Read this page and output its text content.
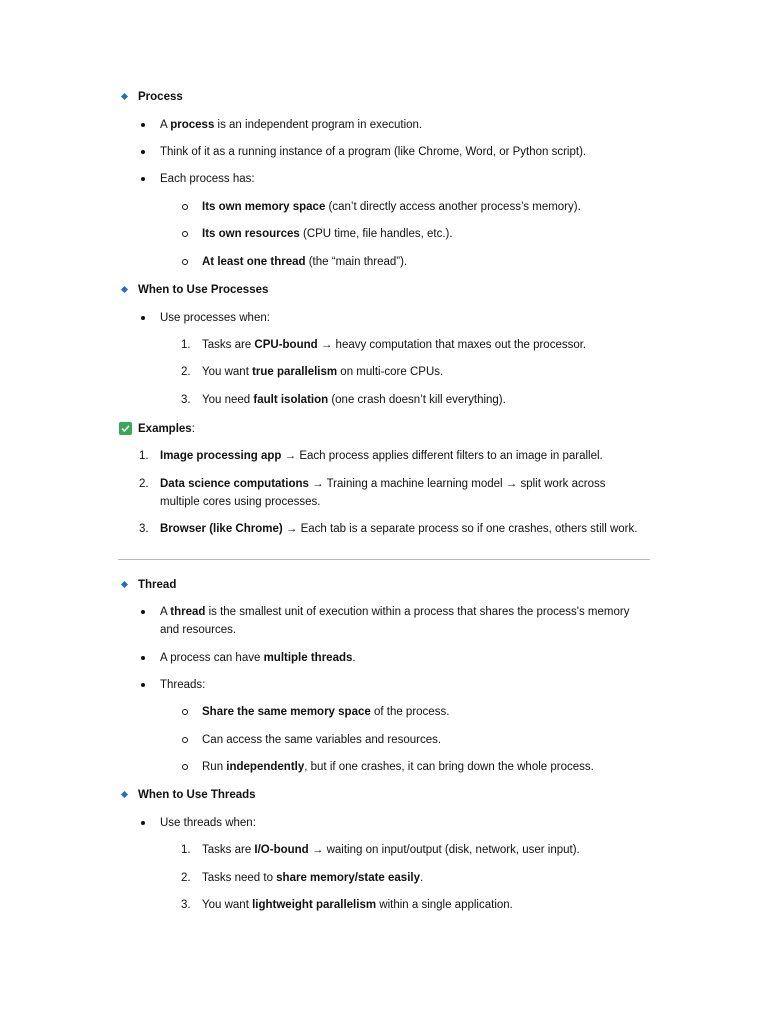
Process
A process is an independent program in execution.
Think of it as a running instance of a program (like Chrome, Word, or Python script).
Each process has:
Its own memory space (can’t directly access another process’s memory).
Its own resources (CPU time, file handles, etc.).
At least one thread (the “main thread”).
When to Use Processes
Use processes when:
1. Tasks are CPU-bound → heavy computation that maxes out the processor.
2. You want true parallelism on multi-core CPUs.
3. You need fault isolation (one crash doesn’t kill everything).
Examples:
1. Image processing app → Each process applies different filters to an image in parallel.
2. Data science computations → Training a machine learning model → split work across
multiple cores using processes.
3. Browser (like Chrome) → Each tab is a separate process so if one crashes, others still work.
Thread
A thread is the smallest unit of execution within a process that shares the process's memory
and resources.
A process can have multiple threads.
Threads:
Share the same memory space of the process.
Can access the same variables and resources.
Run independently, but if one crashes, it can bring down the whole process.
When to Use Threads
Use threads when:
1. Tasks are I/O-bound → waiting on input/output (disk, network, user input).
2. Tasks need to share memory/state easily.
3. You want lightweight parallelism within a single application.
